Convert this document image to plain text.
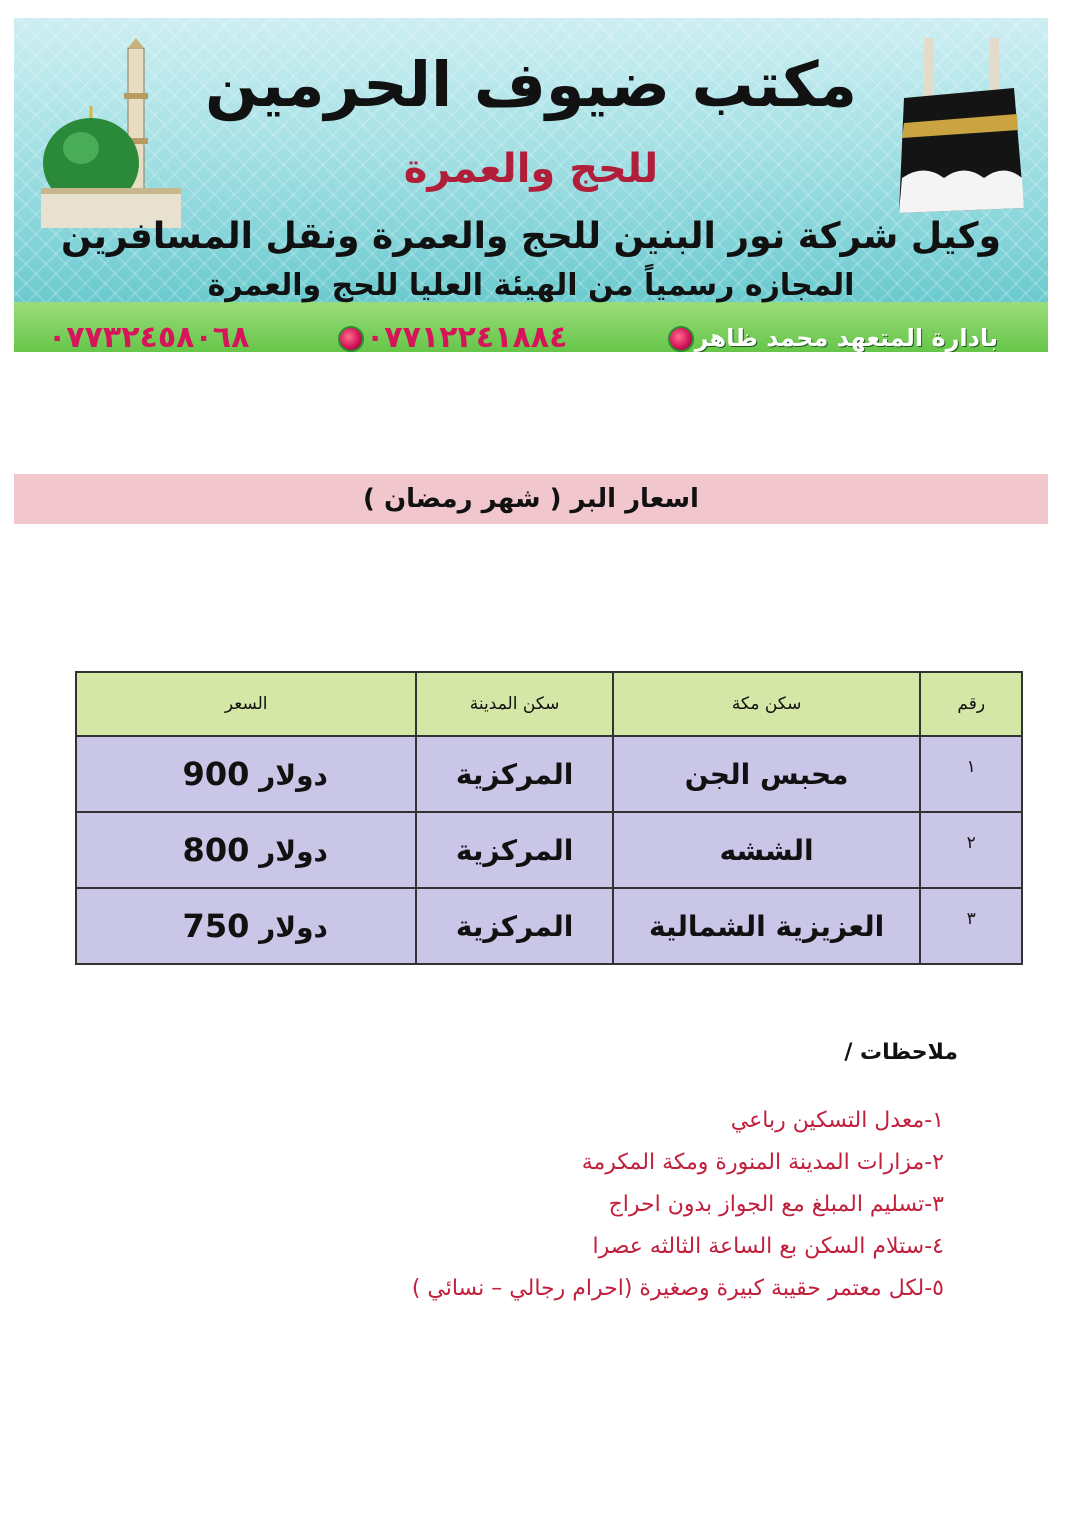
مكتب ضيوف الحرمين
للحج والعمرة
وكيل شركة نور البنين للحج والعمرة ونقل المسافرين
المجازه رسمياً من الهيئة العليا للحج والعمرة
بادارة المتعهد محمد ظاهر
٠٧٧١٢٢٤١٨٨٤
٠٧٧٣٢٤٥٨٠٦٨
اسعار البر ( شهر رمضان )
رقم	سكن مكة	سكن المدينة	السعر
١	محبس الجن	المركزية	دولار 900
٢	الششه	المركزية	دولار 800
٣	العزيزية الشمالية	المركزية	دولار 750
ملاحظات /
١-معدل التسكين رباعي
٢-مزارات المدينة المنورة ومكة المكرمة
٣-تسليم المبلغ مع الجواز بدون احراج
٤-ستلام السكن بع الساعة الثالثه عصرا
٥-لكل معتمر حقيبة كبيرة وصغيرة (احرام رجالي – نسائي )
